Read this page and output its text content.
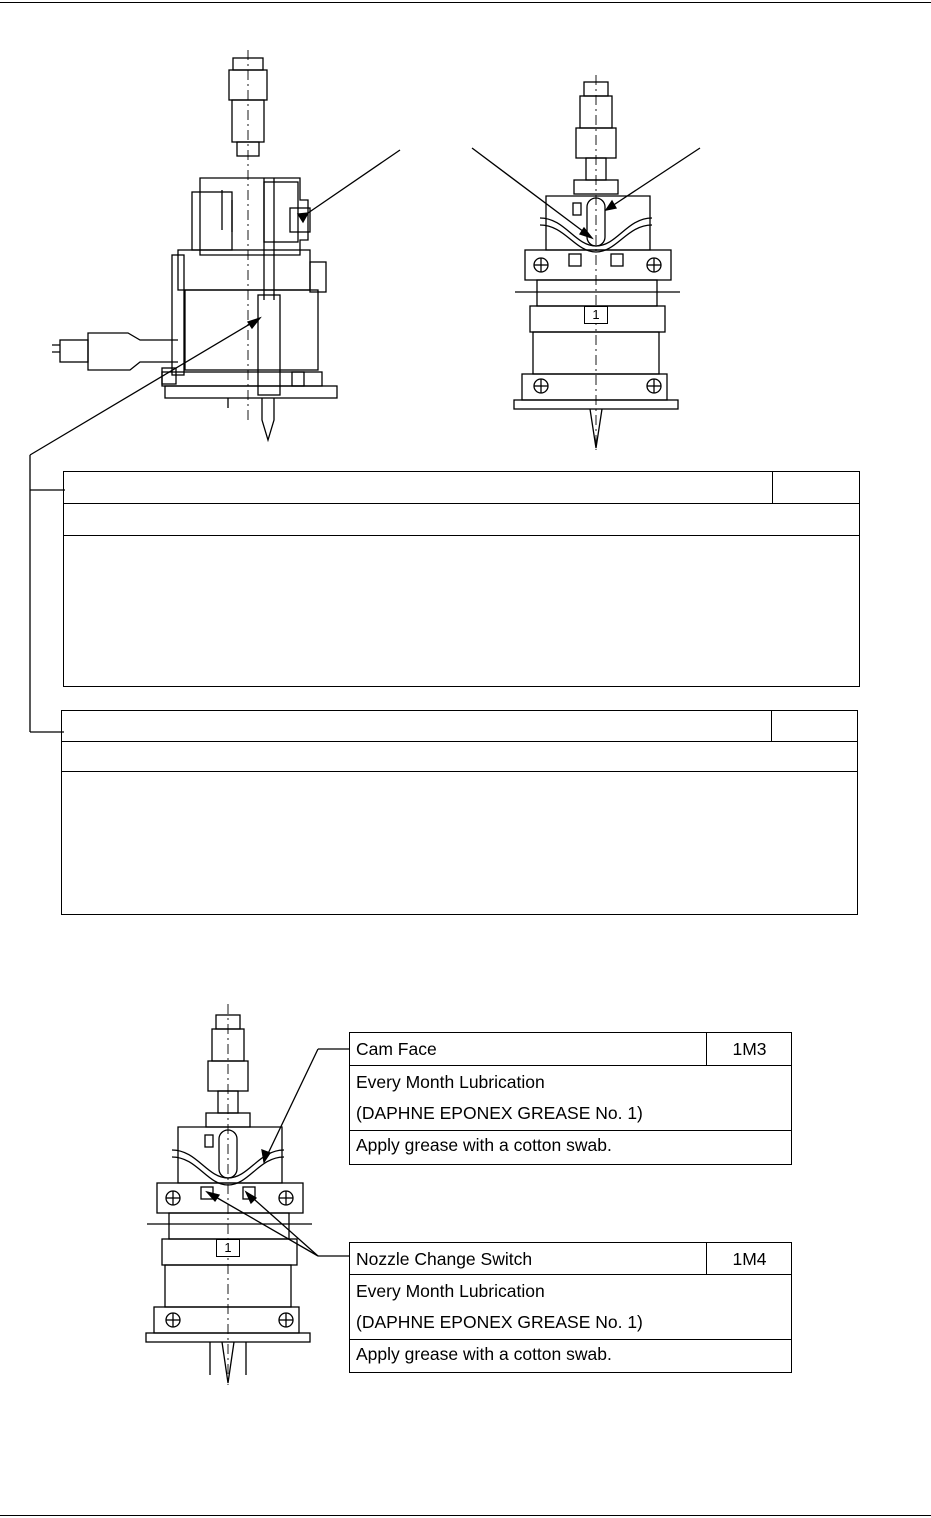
1
1
Cam Face	1M3
Every Month Lubrication
(DAPHNE EPONEX GREASE No. 1)
Apply grease with a cotton swab.
Nozzle Change Switch	1M4
Every Month Lubrication
(DAPHNE EPONEX GREASE No. 1)
Apply grease with a cotton swab.
